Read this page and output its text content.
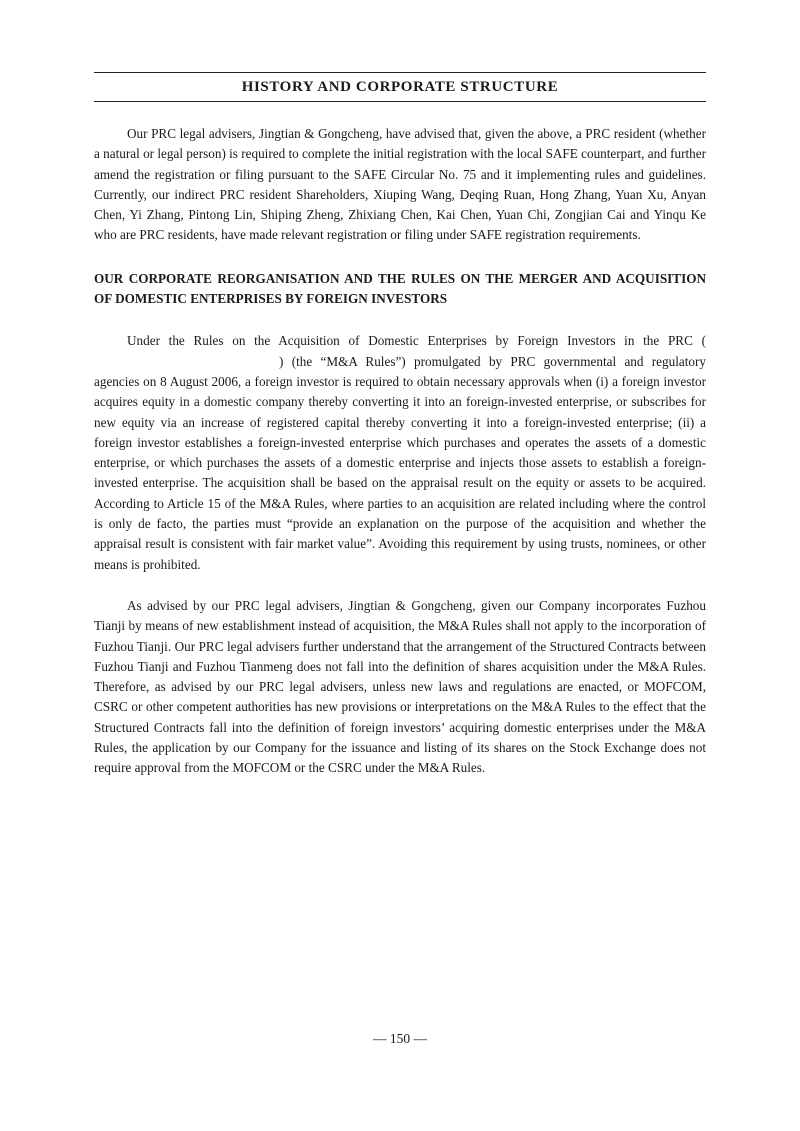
HISTORY AND CORPORATE STRUCTURE

Our PRC legal advisers, Jingtian & Gongcheng, have advised that, given the above, a PRC resident (whether a natural or legal person) is required to complete the initial registration with the local SAFE counterpart, and further amend the registration or filing pursuant to the SAFE Circular No. 75 and it implementing rules and guidelines. Currently, our indirect PRC resident Shareholders, Xiuping Wang, Deqing Ruan, Hong Zhang, Yuan Xu, Anyan Chen, Yi Zhang, Pintong Lin, Shiping Zheng, Zhixiang Chen, Kai Chen, Yuan Chi, Zongjian Cai and Yinqu Ke who are PRC residents, have made relevant registration or filing under SAFE registration requirements.

OUR CORPORATE REORGANISATION AND THE RULES ON THE MERGER AND ACQUISITION OF DOMESTIC ENTERPRISES BY FOREIGN INVESTORS

Under the Rules on the Acquisition of Domestic Enterprises by Foreign Investors in the PRC () (the “M&A Rules”) promulgated by PRC governmental and regulatory agencies on 8 August 2006, a foreign investor is required to obtain necessary approvals when (i) a foreign investor acquires equity in a domestic company thereby converting it into an foreign-invested enterprise, or subscribes for new equity via an increase of registered capital thereby converting it into a foreign-invested enterprise; (ii) a foreign investor establishes a foreign-invested enterprise which purchases and operates the assets of a domestic enterprise, or which purchases the assets of a domestic enterprise and injects those assets to establish a foreign-invested enterprise. The acquisition shall be based on the appraisal result on the equity or assets to be acquired. According to Article 15 of the M&A Rules, where parties to an acquisition are related including where the control is only de facto, the parties must “provide an explanation on the purpose of the acquisition and whether the appraisal result is consistent with fair market value”. Avoiding this requirement by using trusts, nominees, or other means is prohibited.

As advised by our PRC legal advisers, Jingtian & Gongcheng, given our Company incorporates Fuzhou Tianji by means of new establishment instead of acquisition, the M&A Rules shall not apply to the incorporation of Fuzhou Tianji. Our PRC legal advisers further understand that the arrangement of the Structured Contracts between Fuzhou Tianji and Fuzhou Tianmeng does not fall into the definition of shares acquisition under the M&A Rules. Therefore, as advised by our PRC legal advisers, unless new laws and regulations are enacted, or MOFCOM, CSRC or other competent authorities has new provisions or interpretations on the M&A Rules to the effect that the Structured Contracts fall into the definition of foreign investors’ acquiring domestic enterprises under the M&A Rules, the application by our Company for the issuance and listing of its shares on the Stock Exchange does not require approval from the MOFCOM or the CSRC under the M&A Rules.

— 150 —
